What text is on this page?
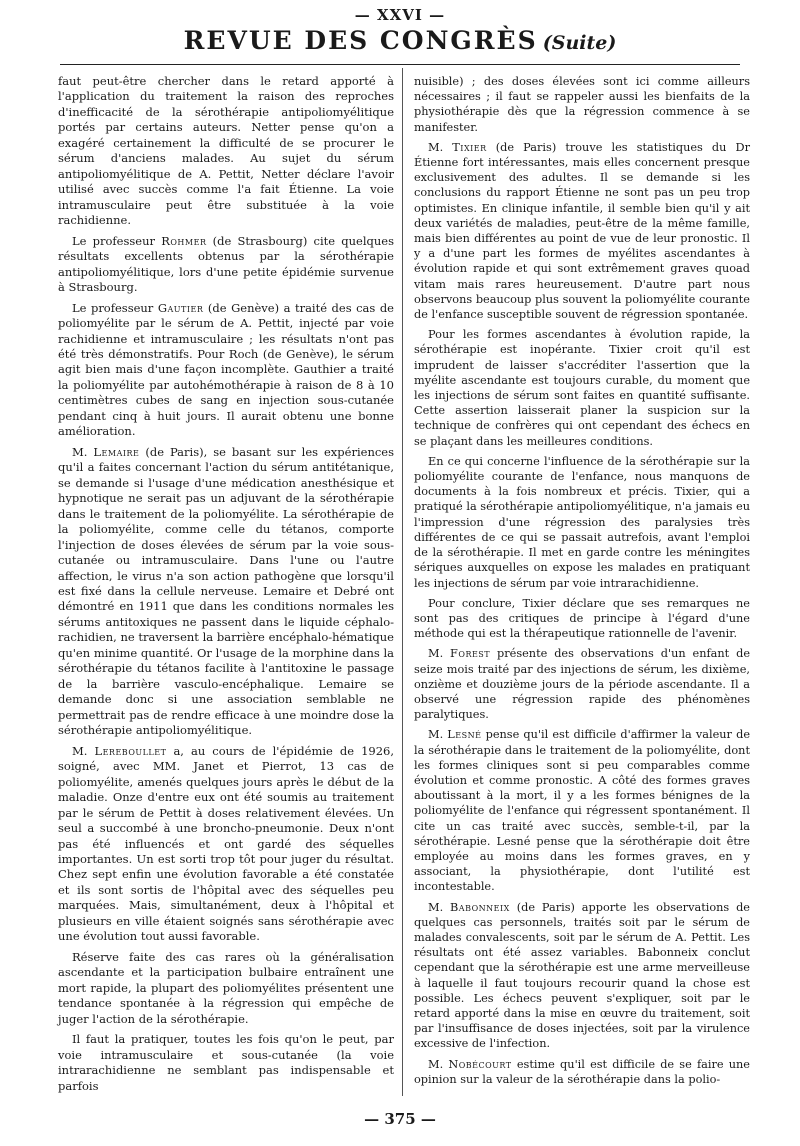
— XXVI —
REVUE DES CONGRÈS (Suite)

faut peut-être chercher dans le retard apporté à l'application du traitement la raison des reproches d'inefficacité de la sérothérapie antipoliomyélitique portés par certains auteurs. Netter pense qu'on a exagéré certainement la difficulté de se procurer le sérum d'anciens malades. Au sujet du sérum antipoliomyélitique de A. Pettit, Netter déclare l'avoir utilisé avec succès comme l'a fait Étienne. La voie intramusculaire peut être substituée à la voie rachidienne.

Le professeur Rohmer (de Strasbourg) cite quelques résultats excellents obtenus par la sérothérapie antipoliomyélitique, lors d'une petite épidémie survenue à Strasbourg.

Le professeur Gautier (de Genève) a traité des cas de poliomyélite par le sérum de A. Pettit, injecté par voie rachidienne et intramusculaire ; les résultats n'ont pas été très démonstratifs. Pour Roch (de Genève), le sérum agit bien mais d'une façon incomplète. Gauthier a traité la poliomyélite par autohémothérapie à raison de 8 à 10 centimètres cubes de sang en injection sous-cutanée pendant cinq à huit jours. Il aurait obtenu une bonne amélioration.

M. Lemaire (de Paris), se basant sur les expériences qu'il a faites concernant l'action du sérum antitétanique, se demande si l'usage d'une médication anesthésique et hypnotique ne serait pas un adjuvant de la sérothérapie dans le traitement de la poliomyélite. La sérothérapie de la poliomyélite, comme celle du tétanos, comporte l'injection de doses élevées de sérum par la voie sous-cutanée ou intramusculaire. Dans l'une ou l'autre affection, le virus n'a son action pathogène que lorsqu'il est fixé dans la cellule nerveuse. Lemaire et Debré ont démontré en 1911 que dans les conditions normales les sérums antitoxiques ne passent dans le liquide céphalo-rachidien, ne traversent la barrière encéphalo-hématique qu'en minime quantité. Or l'usage de la morphine dans la sérothérapie du tétanos facilite à l'antitoxine le passage de la barrière vasculo-encéphalique. Lemaire se demande donc si une association semblable ne permettrait pas de rendre efficace à une moindre dose la sérothérapie antipoliomyélitique.

M. Lereboullet a, au cours de l'épidémie de 1926, soigné, avec MM. Janet et Pierrot, 13 cas de poliomyélite, amenés quelques jours après le début de la maladie. Onze d'entre eux ont été soumis au traitement par le sérum de Pettit à doses relativement élevées. Un seul a succombé à une broncho-pneumonie. Deux n'ont pas été influencés et ont gardé des séquelles importantes. Un est sorti trop tôt pour juger du résultat. Chez sept enfin une évolution favorable a été constatée et ils sont sortis de l'hôpital avec des séquelles peu marquées. Mais, simultanément, deux à l'hôpital et plusieurs en ville étaient soignés sans sérothérapie avec une évolution tout aussi favorable.

Réserve faite des cas rares où la généralisation ascendante et la participation bulbaire entraînent une mort rapide, la plupart des poliomyélites présentent une tendance spontanée à la régression qui empêche de juger l'action de la sérothérapie.

Il faut la pratiquer, toutes les fois qu'on le peut, par voie intramusculaire et sous-cutanée (la voie intrarachidienne ne semblant pas indispensable et parfois

nuisible) ; des doses élevées sont ici comme ailleurs nécessaires ; il faut se rappeler aussi les bienfaits de la physiothérapie dès que la régression commence à se manifester.

M. Tixier (de Paris) trouve les statistiques du Dr Étienne fort intéressantes, mais elles concernent presque exclusivement des adultes. Il se demande si les conclusions du rapport Étienne ne sont pas un peu trop optimistes. En clinique infantile, il semble bien qu'il y ait deux variétés de maladies, peut-être de la même famille, mais bien différentes au point de vue de leur pronostic. Il y a d'une part les formes de myélites ascendantes à évolution rapide et qui sont extrêmement graves quoad vitam mais rares heureusement. D'autre part nous observons beaucoup plus souvent la poliomyélite courante de l'enfance susceptible souvent de régression spontanée.

Pour les formes ascendantes à évolution rapide, la sérothérapie est inopérante. Tixier croit qu'il est imprudent de laisser s'accréditer l'assertion que la myélite ascendante est toujours curable, du moment que les injections de sérum sont faites en quantité suffisante. Cette assertion laisserait planer la suspicion sur la technique de confrères qui ont cependant des échecs en se plaçant dans les meilleures conditions.

En ce qui concerne l'influence de la sérothérapie sur la poliomyélite courante de l'enfance, nous manquons de documents à la fois nombreux et précis. Tixier, qui a pratiqué la sérothérapie antipoliomyélitique, n'a jamais eu l'impression d'une régression des paralysies très différentes de ce qui se passait autrefois, avant l'emploi de la sérothérapie. Il met en garde contre les méningites sériques auxquelles on expose les malades en pratiquant les injections de sérum par voie intrarachidienne.

Pour conclure, Tixier déclare que ses remarques ne sont pas des critiques de principe à l'égard d'une méthode qui est la thérapeutique rationnelle de l'avenir.

M. Forest présente des observations d'un enfant de seize mois traité par des injections de sérum, les dixième, onzième et douzième jours de la période ascendante. Il a observé une régression rapide des phénomènes paralytiques.

M. Lesné pense qu'il est difficile d'affirmer la valeur de la sérothérapie dans le traitement de la poliomyélite, dont les formes cliniques sont si peu comparables comme évolution et comme pronostic. A côté des formes graves aboutissant à la mort, il y a les formes bénignes de la poliomyélite de l'enfance qui régressent spontanément. Il cite un cas traité avec succès, semble-t-il, par la sérothérapie. Lesné pense que la sérothérapie doit être employée au moins dans les formes graves, en y associant, la physiothérapie, dont l'utilité est incontestable.

M. Babonneix (de Paris) apporte les observations de quelques cas personnels, traités soit par le sérum de malades convalescents, soit par le sérum de A. Pettit. Les résultats ont été assez variables. Babonneix conclut cependant que la sérothérapie est une arme merveilleuse à laquelle il faut toujours recourir quand la chose est possible. Les échecs peuvent s'expliquer, soit par le retard apporté dans la mise en œuvre du traitement, soit par l'insuffisance de doses injectées, soit par la virulence excessive de l'infection.

M. Nobécourt estime qu'il est difficile de se faire une opinion sur la valeur de la sérothérapie dans la polio-

— 375 —
